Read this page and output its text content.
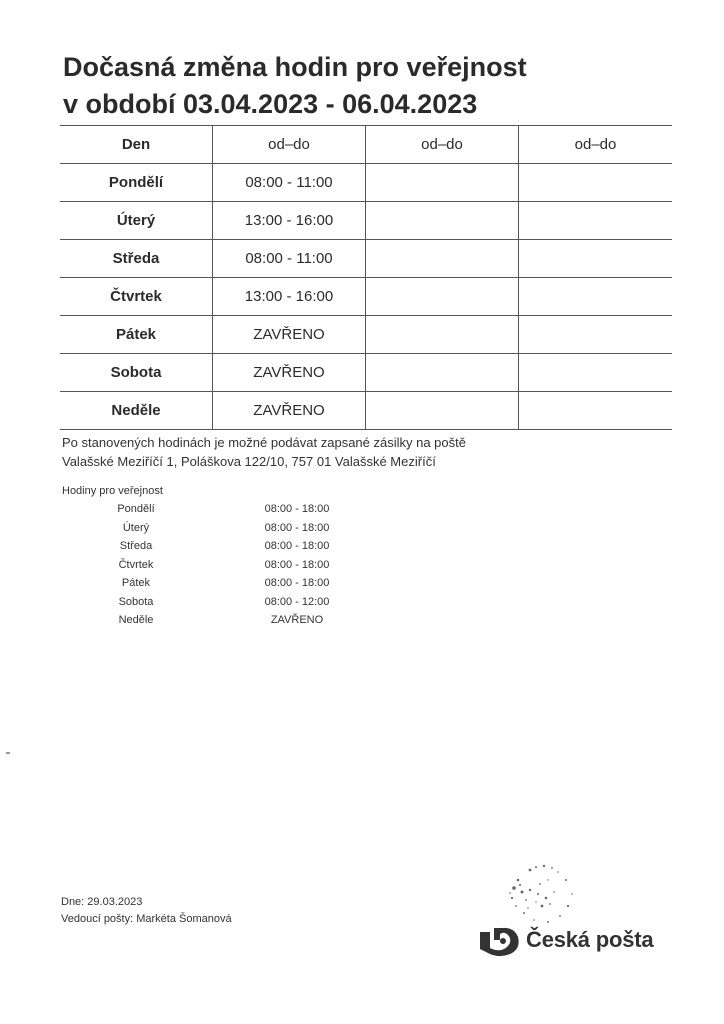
Dočasná změna hodin pro veřejnost
v období 03.04.2023 - 06.04.2023
Den	od–do	od–do	od–do
Pondělí	08:00 - 11:00		
Úterý	13:00 - 16:00		
Středa	08:00 - 11:00		
Čtvrtek	13:00 - 16:00		
Pátek	ZAVŘENO		
Sobota	ZAVŘENO		
Neděle	ZAVŘENO		
Po stanovených hodinách je možné podávat zapsané zásilky na poště
Valašské Meziříčí 1, Poláškova 122/10, 757 01 Valašské Meziříčí
Hodiny pro veřejnost
Pondělí	08:00 - 18:00
Úterý	08:00 - 18:00
Středa	08:00 - 18:00
Čtvrtek	08:00 - 18:00
Pátek	08:00 - 18:00
Sobota	08:00 - 12:00
Neděle	ZAVŘENO
Dne: 29.03.2023
Vedoucí pošty: Markéta Šomanová
Česká pošta
